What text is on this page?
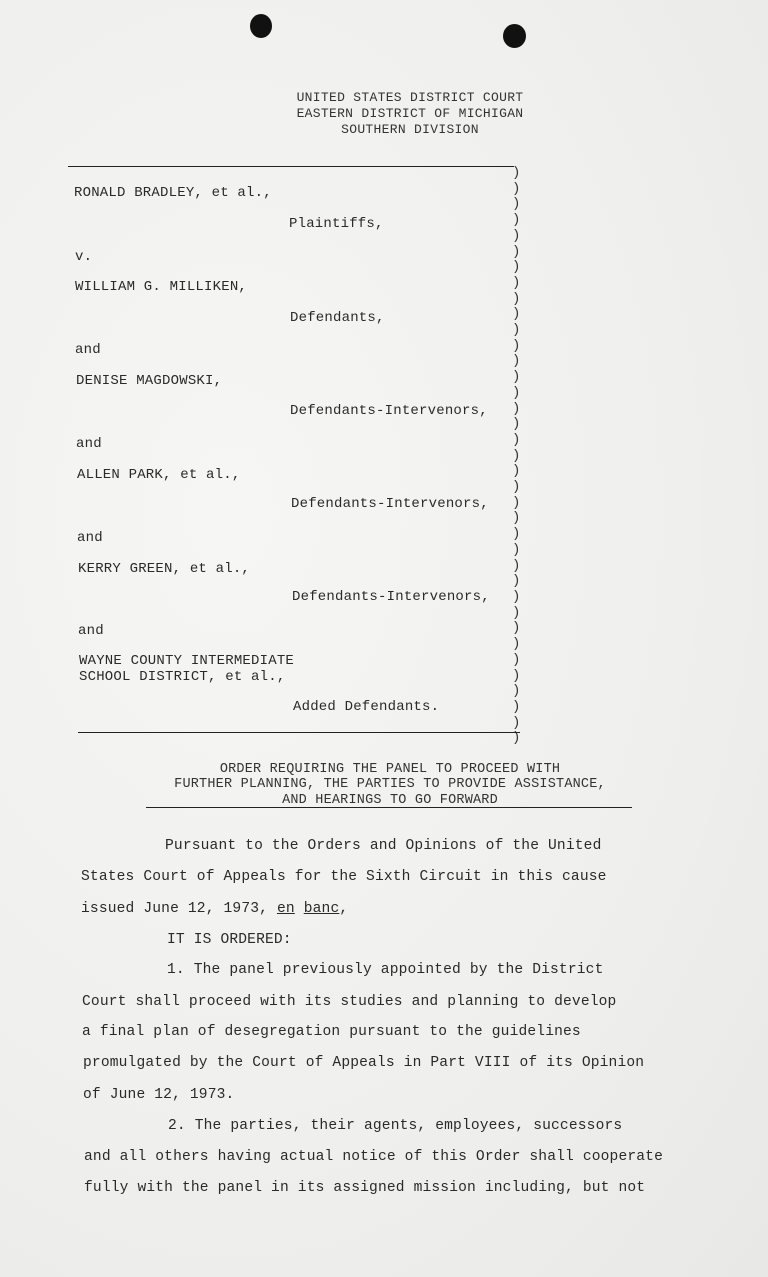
UNITED STATES DISTRICT COURT
EASTERN DISTRICT OF MICHIGAN
SOUTHERN DIVISION
)
)
)
)
)
)
)
)
)
)
)
)
)
)
)
)
)
)
)
)
)
)
)
)
)
)
)
)
)
)
)
)
)
)
)
)
)
RONALD BRADLEY, et al.,
Plaintiffs,
v.
WILLIAM G. MILLIKEN,
Defendants,
and
DENISE MAGDOWSKI,
Defendants-Intervenors,
and
ALLEN PARK, et al.,
Defendants-Intervenors,
and
KERRY GREEN, et al.,
Defendants-Intervenors,
and
WAYNE COUNTY INTERMEDIATE
SCHOOL DISTRICT, et al.,
Added Defendants.
ORDER REQUIRING THE PANEL TO PROCEED WITH
FURTHER PLANNING, THE PARTIES TO PROVIDE ASSISTANCE,
AND HEARINGS TO GO FORWARD
Pursuant to the Orders and Opinions of the United
States Court of Appeals for the Sixth Circuit in this cause
issued June 12, 1973, en banc,
IT IS ORDERED:
1. The panel previously appointed by the District
Court shall proceed with its studies and planning to develop
a final plan of desegregation pursuant to the guidelines
promulgated by the Court of Appeals in Part VIII of its Opinion
of June 12, 1973.
2. The parties, their agents, employees, successors
and all others having actual notice of this Order shall cooperate
fully with the panel in its assigned mission including, but not
